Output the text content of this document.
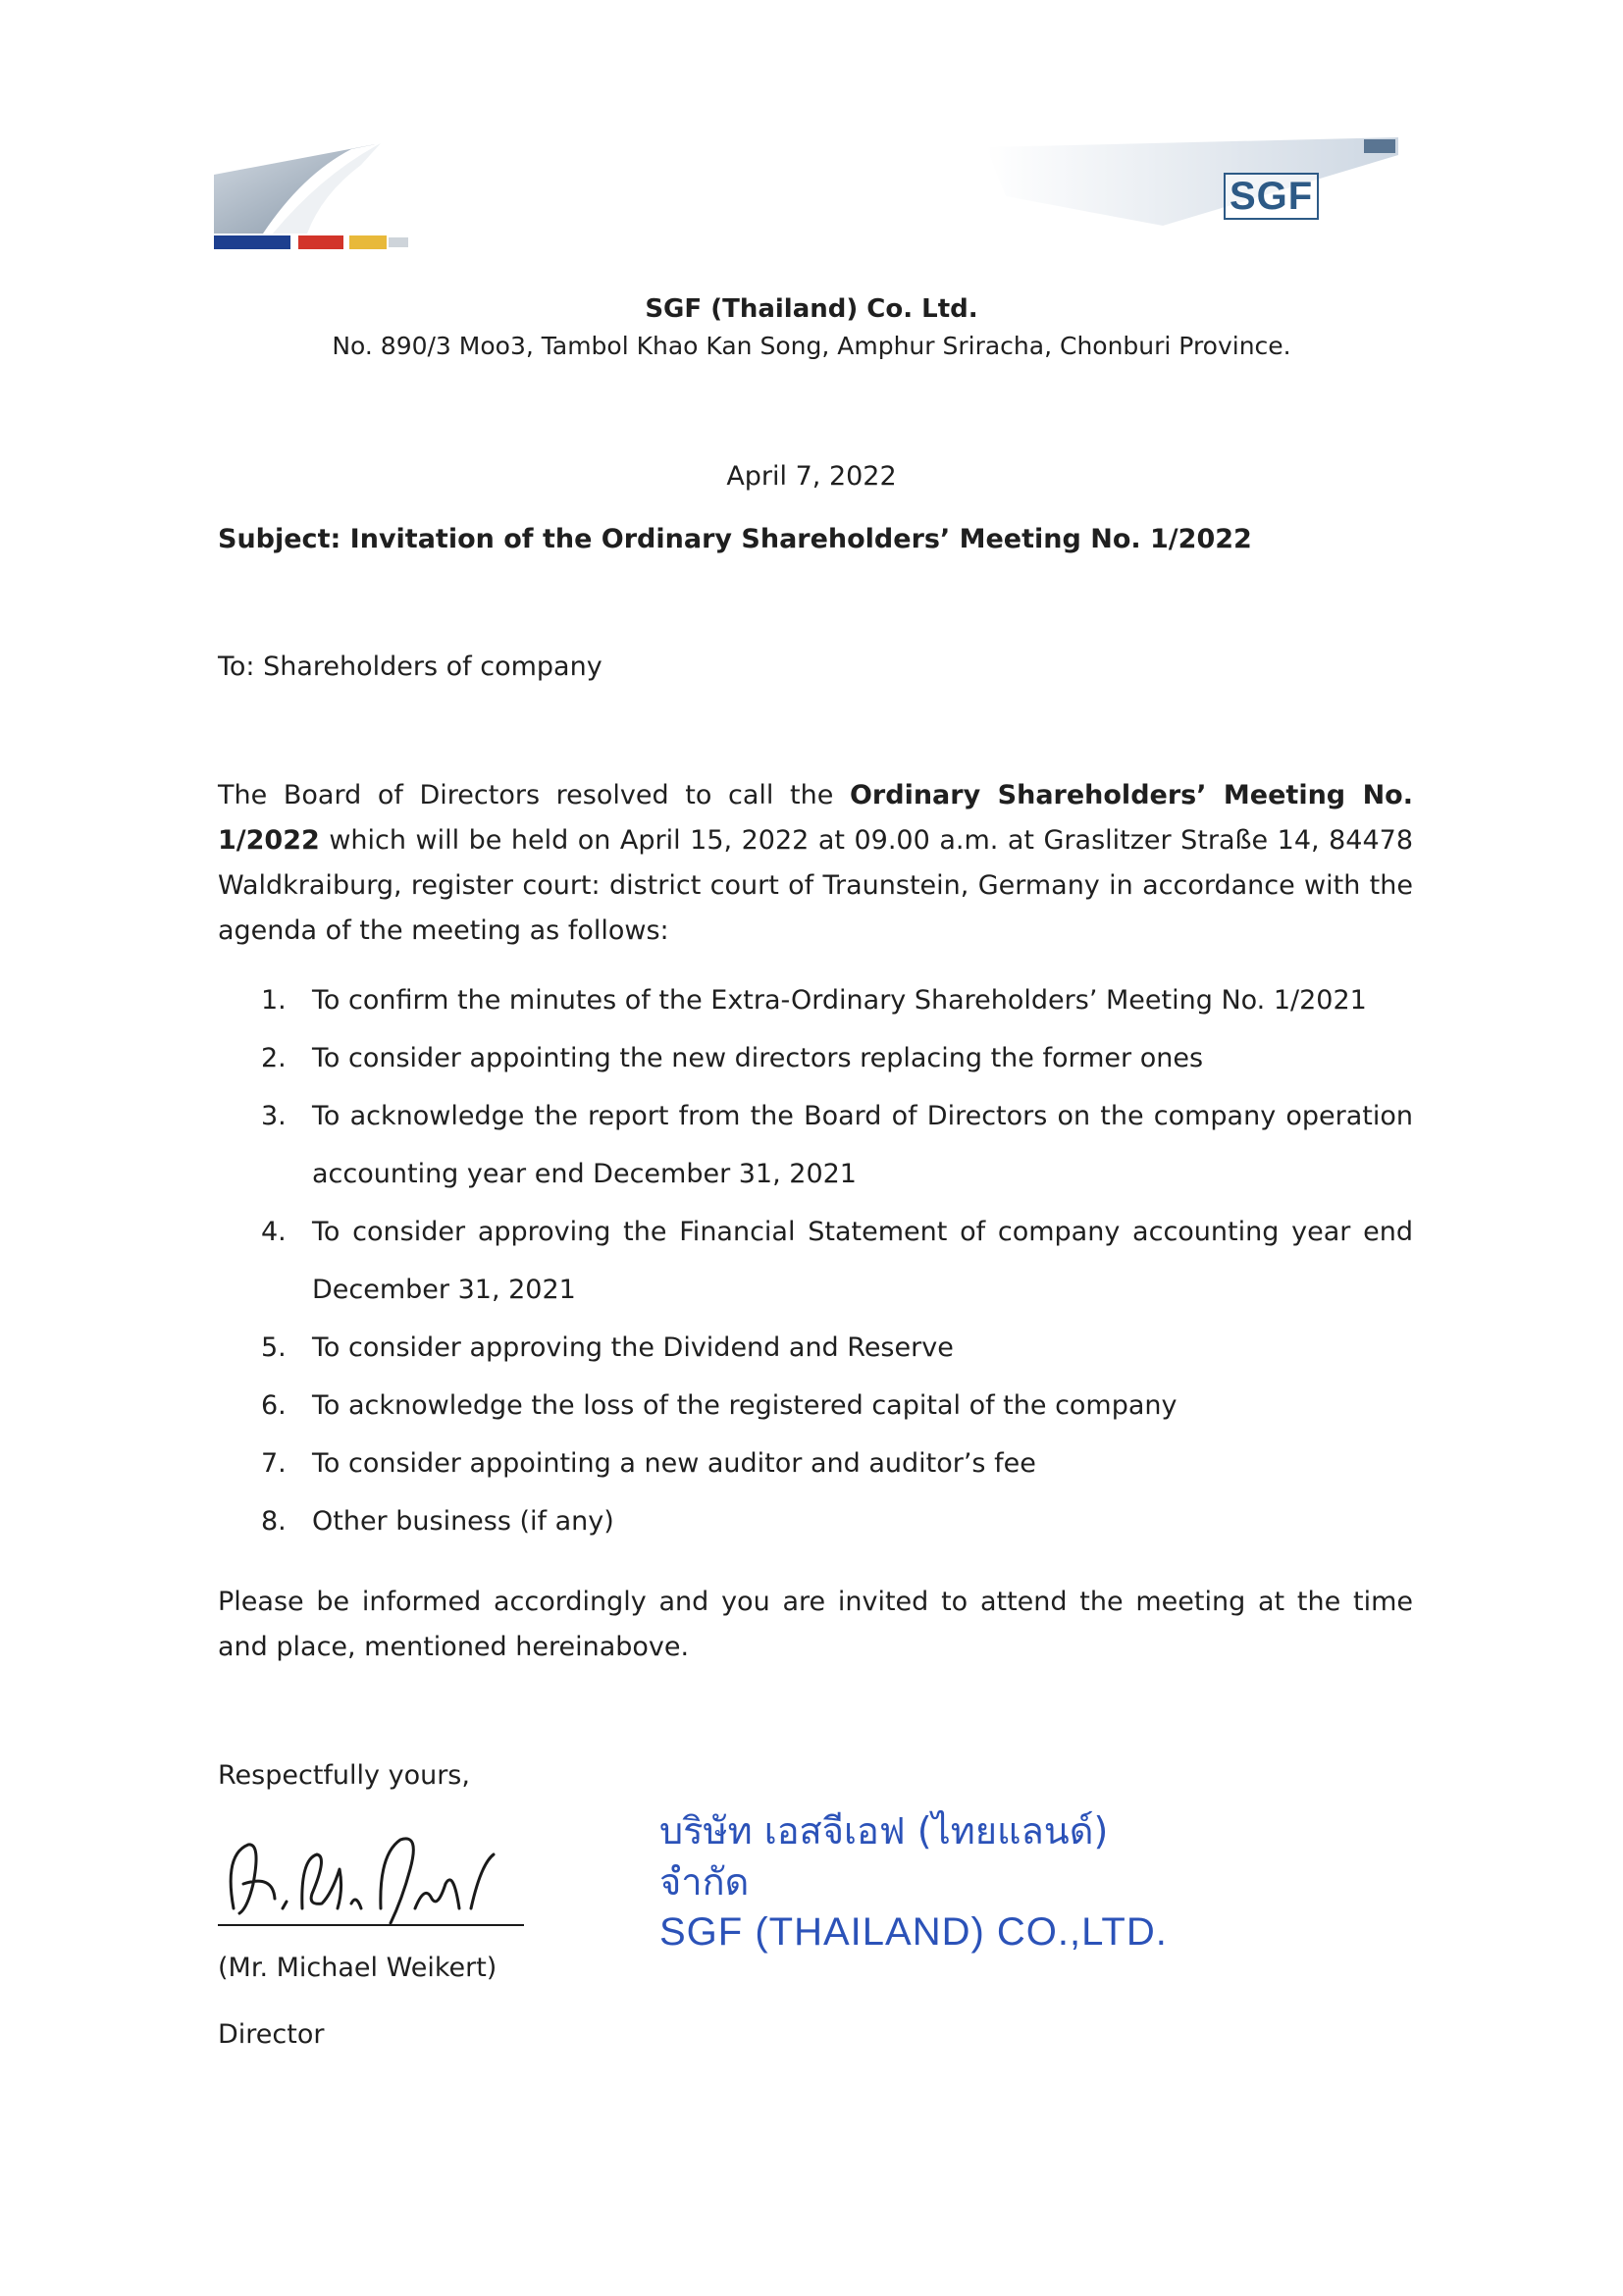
SGF
SGF (Thailand) Co. Ltd.
No. 890/3 Moo3, Tambol Khao Kan Song, Amphur Sriracha, Chonburi Province.
April 7, 2022
Subject: Invitation of the Ordinary Shareholders’ Meeting No. 1/2022
To: Shareholders of company
The Board of Directors resolved to call the Ordinary Shareholders’ Meeting No. 1/2022 which will be held on April 15, 2022 at 09.00 a.m. at Graslitzer Straße 14, 84478 Waldkraiburg, register court: district court of Traunstein, Germany in accordance with the agenda of the meeting as follows:
1. To confirm the minutes of the Extra-Ordinary Shareholders’ Meeting No. 1/2021
2. To consider appointing the new directors replacing the former ones
3. To acknowledge the report from the Board of Directors on the company operation accounting year end December 31, 2021
4. To consider approving the Financial Statement of company accounting year end December 31, 2021
5. To consider approving the Dividend and Reserve
6. To acknowledge the loss of the registered capital of the company
7. To consider appointing a new auditor and auditor’s fee
8. Other business (if any)
Please be informed accordingly and you are invited to attend the meeting at the time and place, mentioned hereinabove.
Respectfully yours,
(Mr. Michael Weikert)
Director
บริษัท เอสจีเอฟ (ไทยแลนด์) จำกัด
SGF (THAILAND) CO.,LTD.
